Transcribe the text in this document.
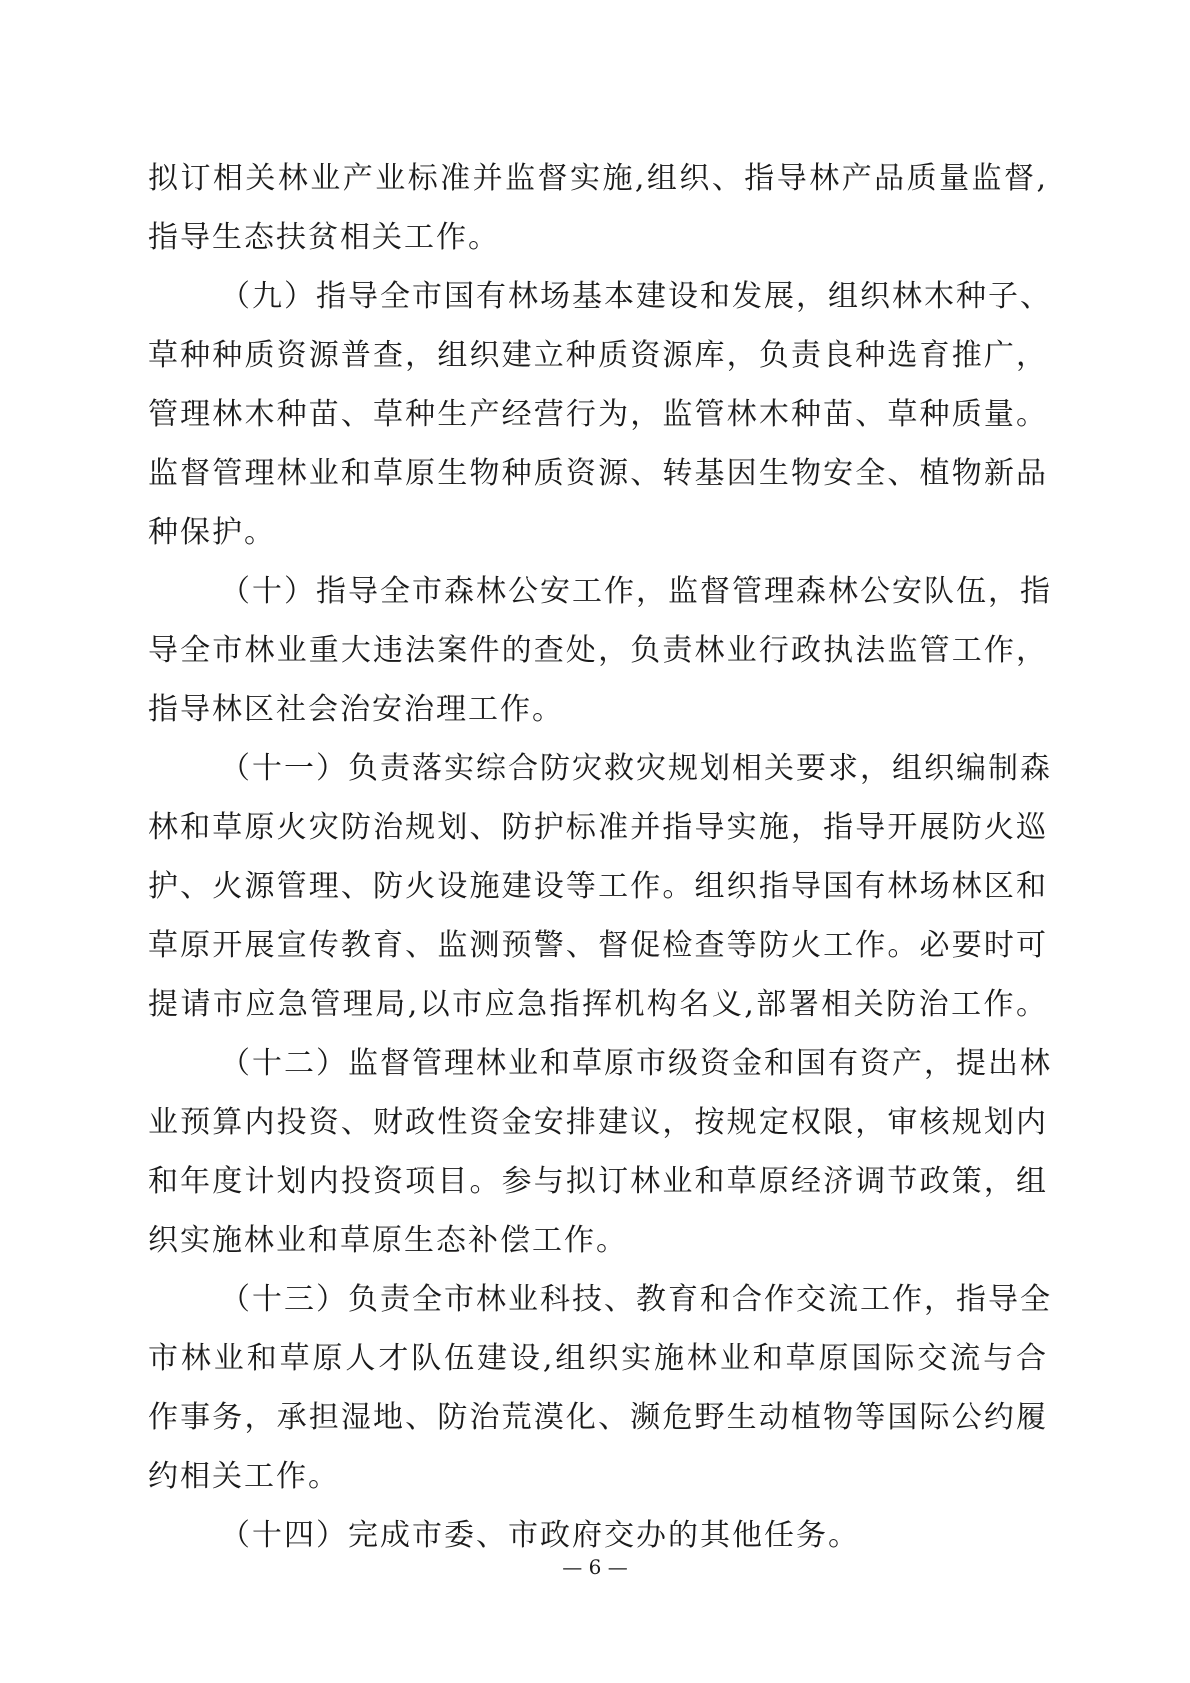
拟订相关林业产业标准并监督实施,组织、指导林产品质量监督,
指导生态扶贫相关工作。
（九）指导全市国有林场基本建设和发展，组织林木种子、
草种种质资源普查，组织建立种质资源库，负责良种选育推广，
管理林木种苗、草种生产经营行为，监管林木种苗、草种质量。
监督管理林业和草原生物种质资源、转基因生物安全、植物新品
种保护。
（十）指导全市森林公安工作，监督管理森林公安队伍，指
导全市林业重大违法案件的查处，负责林业行政执法监管工作，
指导林区社会治安治理工作。
（十一）负责落实综合防灾救灾规划相关要求，组织编制森
林和草原火灾防治规划、防护标准并指导实施，指导开展防火巡
护、火源管理、防火设施建设等工作。组织指导国有林场林区和
草原开展宣传教育、监测预警、督促检查等防火工作。必要时可
提请市应急管理局,以市应急指挥机构名义,部署相关防治工作。
（十二）监督管理林业和草原市级资金和国有资产，提出林
业预算内投资、财政性资金安排建议，按规定权限，审核规划内
和年度计划内投资项目。参与拟订林业和草原经济调节政策，组
织实施林业和草原生态补偿工作。
（十三）负责全市林业科技、教育和合作交流工作，指导全
市林业和草原人才队伍建设,组织实施林业和草原国际交流与合
作事务，承担湿地、防治荒漠化、濒危野生动植物等国际公约履
约相关工作。
（十四）完成市委、市政府交办的其他任务。
— 6 —
